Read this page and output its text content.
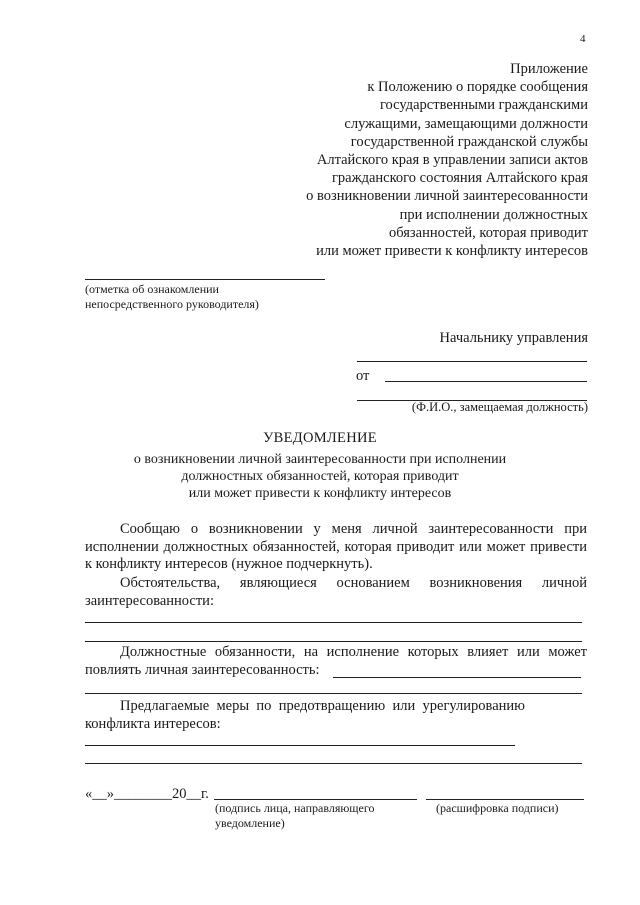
4
Приложение
к Положению о порядке сообщения
государственными гражданскими
служащими, замещающими должности
государственной гражданской службы
Алтайского края в управлении записи актов
гражданского состояния Алтайского края
о возникновении личной заинтересованности
при исполнении должностных
обязанностей, которая приводит
или может привести к конфликту интересов
(отметка об ознакомлении
непосредственного руководителя)
Начальнику управления
от
(Ф.И.О., замещаемая должность)
УВЕДОМЛЕНИЕ
о возникновении личной заинтересованности при исполнении
должностных обязанностей, которая приводит
или может привести к конфликту интересов
Сообщаю о возникновении у меня личной заинтересованности при исполнении должностных обязанностей, которая приводит или может привести к конфликту интересов (нужное подчеркнуть).
Обстоятельства, являющиеся основанием возникновения личной заинтересованности:
Должностные обязанности, на исполнение которых влияет или может повлиять личная заинтересованность:
Предлагаемые меры по предотвращению или урегулированию конфликта интересов:
«__»________20__г.
(подпись лица, направляющего
уведомление)
(расшифровка подписи)
